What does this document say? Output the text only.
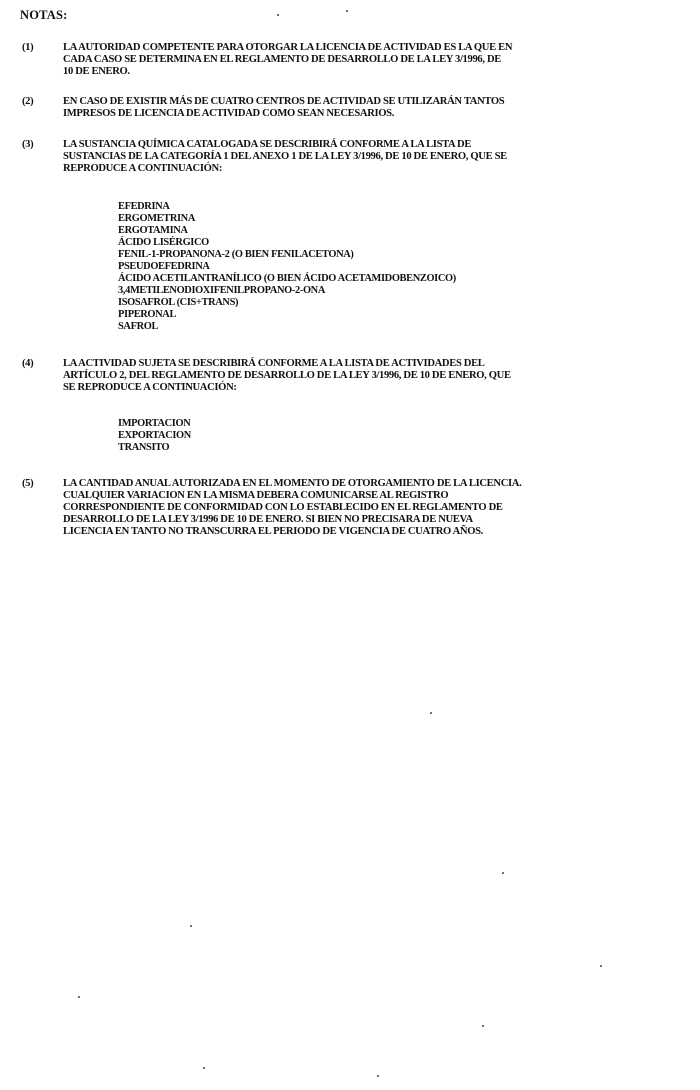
NOTAS:
(1)	LA AUTORIDAD COMPETENTE PARA OTORGAR LA LICENCIA DE ACTIVIDAD ES LA QUE EN
CADA CASO SE DETERMINA EN EL REGLAMENTO DE DESARROLLO DE LA LEY 3/1996, DE
10 DE ENERO.
(2)	EN CASO DE EXISTIR MÁS DE CUATRO CENTROS DE ACTIVIDAD SE UTILIZARÁN TANTOS
IMPRESOS DE LICENCIA DE ACTIVIDAD COMO SEAN NECESARIOS.
(3)	LA SUSTANCIA QUÍMICA CATALOGADA SE DESCRIBIRÁ CONFORME A LA LISTA DE
SUSTANCIAS DE LA CATEGORÍA 1 DEL ANEXO 1 DE LA LEY 3/1996, DE 10 DE ENERO, QUE SE
REPRODUCE A CONTINUACIÓN:
EFEDRINA
ERGOMETRINA
ERGOTAMINA
ÁCIDO LISÉRGICO
FENIL-1-PROPANONA-2 (O BIEN FENILACETONA)
PSEUDOEFEDRINA
ÁCIDO ACETILANTRANÍLICO (O BIEN ÁCIDO ACETAMIDOBENZOICO)
3,4METILENODIOXIFENILPROPANO-2-ONA
ISOSAFROL (CIS+TRANS)
PIPERONAL
SAFROL
(4)	LA ACTIVIDAD SUJETA SE DESCRIBIRÁ CONFORME A LA LISTA DE ACTIVIDADES DEL
ARTÍCULO 2, DEL REGLAMENTO DE DESARROLLO DE LA LEY 3/1996, DE 10 DE ENERO, QUE
SE REPRODUCE A CONTINUACIÓN:
IMPORTACION
EXPORTACION
TRANSITO
(5)	LA CANTIDAD ANUAL AUTORIZADA EN EL MOMENTO DE OTORGAMIENTO DE LA LICENCIA.
CUALQUIER VARIACION EN LA MISMA DEBERA COMUNICARSE AL REGISTRO
CORRESPONDIENTE DE CONFORMIDAD CON LO ESTABLECIDO EN EL REGLAMENTO DE
DESARROLLO DE LA LEY 3/1996 DE 10 DE ENERO. SI BIEN NO PRECISARA DE NUEVA
LICENCIA EN TANTO NO TRANSCURRA EL PERIODO DE VIGENCIA DE CUATRO AÑOS.
